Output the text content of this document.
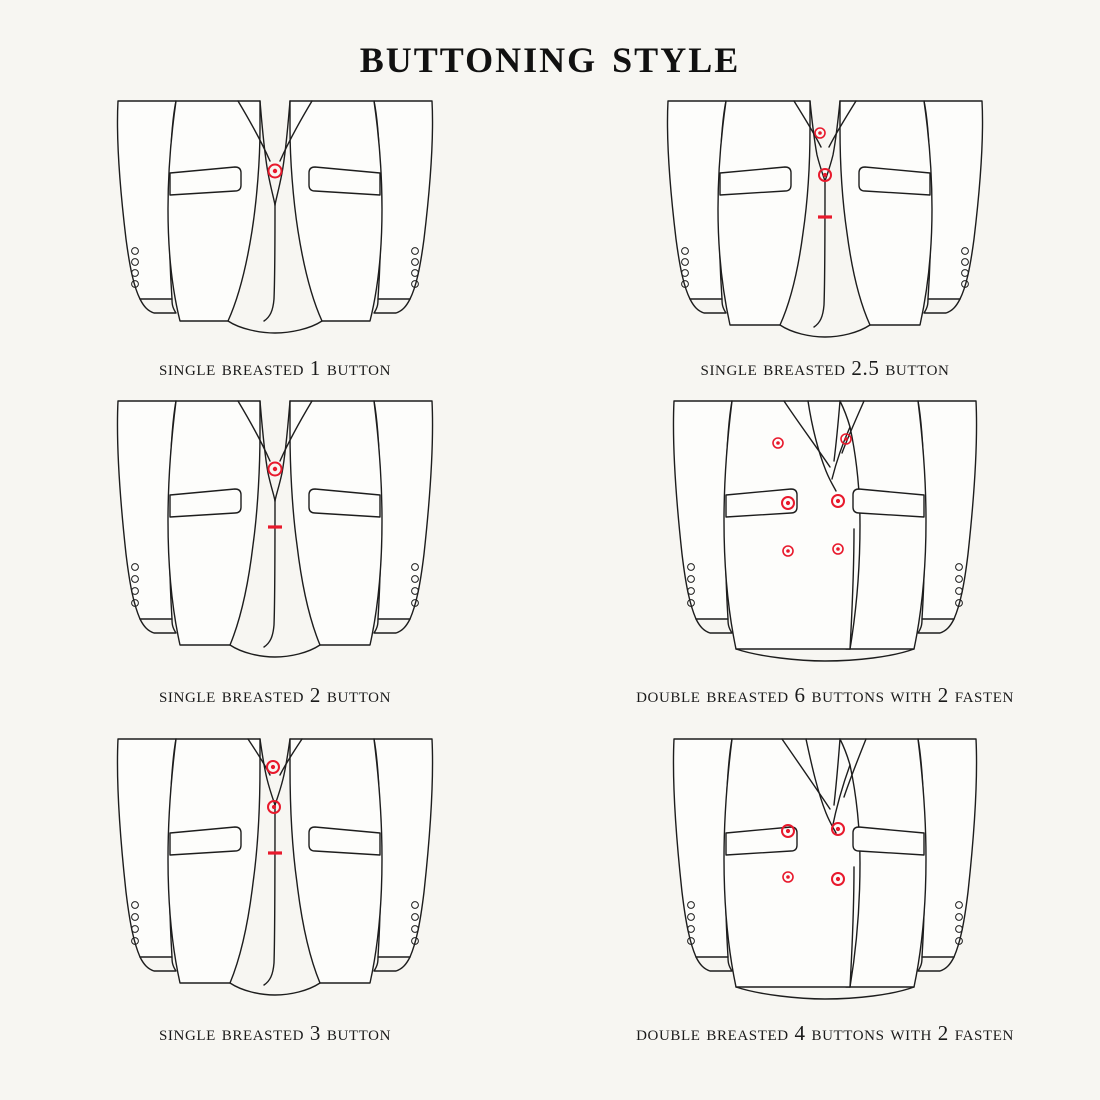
buttoning style
single breasted 1 button	single breasted 2.5 button
single breasted 2 button	double breasted 6 buttons with 2 fasten
single breasted 3 button	double breasted 4 buttons with 2 fasten
